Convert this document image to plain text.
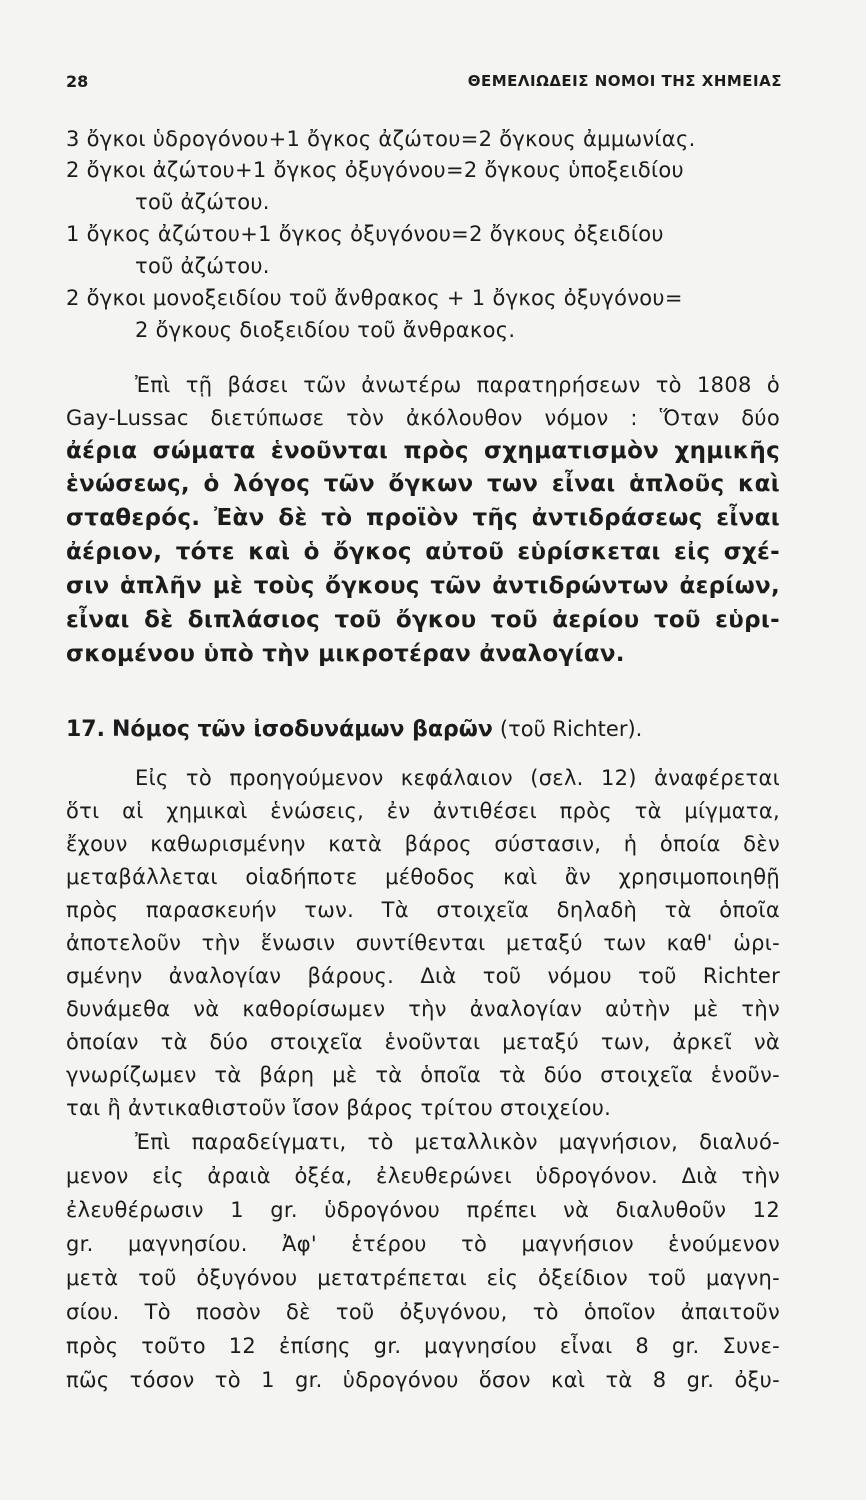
28	ΘΕΜΕΛΙΩΔΕΙΣ ΝΟΜΟΙ ΤΗΣ ΧΗΜΕΙΑΣ
3 ὄγκοι ὑδρογόνου+1 ὄγκος ἀζώτου=2 ὄγκους ἀμμωνίας.
2 ὄγκοι ἀζώτου+1 ὄγκος ὀξυγόνου=2 ὄγκους ὑποξειδίου
τοῦ ἀζώτου.
1 ὄγκος ἀζώτου+1 ὄγκος ὀξυγόνου=2 ὄγκους ὀξειδίου
τοῦ ἀζώτου.
2 ὄγκοι μονοξειδίου τοῦ ἄνθρακος + 1 ὄγκος ὀξυγόνου=
2 ὄγκους διοξειδίου τοῦ ἄνθρακος.
Ἐπὶ τῇ βάσει τῶν ἀνωτέρω παρατηρήσεων τὸ 1808 ὁ
Gay-Lussac διετύπωσε τὸν ἀκόλουθον νόμον : Ὅταν δύο
ἀέρια σώματα ἑνοῦνται πρὸς σχηματισμὸν χημικῆς
ἑνώσεως, ὁ λόγος τῶν ὄγκων των εἶναι ἁπλοῦς καὶ
σταθερός. Ἐὰν δὲ τὸ προϊὸν τῆς ἀντιδράσεως εἶναι
ἀέριον, τότε καὶ ὁ ὄγκος αὐτοῦ εὑρίσκεται εἰς σχέ-
σιν ἁπλῆν μὲ τοὺς ὄγκους τῶν ἀντιδρώντων ἀερίων,
εἶναι δὲ διπλάσιος τοῦ ὄγκου τοῦ ἀερίου τοῦ εὑρι-
σκομένου ὑπὸ τὴν μικροτέραν ἀναλογίαν.
17. Νόμος τῶν ἰσοδυνάμων βαρῶν (τοῦ Richter).
Εἰς τὸ προηγούμενον κεφάλαιον (σελ. 12) ἀναφέρεται
ὅτι αἱ χημικαὶ ἑνώσεις, ἐν ἀντιθέσει πρὸς τὰ μίγματα,
ἔχουν καθωρισμένην κατὰ βάρος σύστασιν, ἡ ὁποία δὲν
μεταβάλλεται οἱαδήποτε μέθοδος καὶ ἂν χρησιμοποιηθῇ
πρὸς παρασκευήν των. Τὰ στοιχεῖα δηλαδὴ τὰ ὁποῖα
ἀποτελοῦν τὴν ἕνωσιν συντίθενται μεταξύ των καθ' ὡρι-
σμένην ἀναλογίαν βάρους. Διὰ τοῦ νόμου τοῦ Richter
δυνάμεθα νὰ καθορίσωμεν τὴν ἀναλογίαν αὐτὴν μὲ τὴν
ὁποίαν τὰ δύο στοιχεῖα ἑνοῦνται μεταξύ των, ἀρκεῖ νὰ
γνωρίζωμεν τὰ βάρη μὲ τὰ ὁποῖα τὰ δύο στοιχεῖα ἑνοῦν-
ται ἢ ἀντικαθιστοῦν ἴσον βάρος τρίτου στοιχείου.
Ἐπὶ παραδείγματι, τὸ μεταλλικὸν μαγνήσιον, διαλυό-
μενον εἰς ἀραιὰ ὀξέα, ἐλευθερώνει ὑδρογόνον. Διὰ τὴν
ἐλευθέρωσιν 1 gr. ὑδρογόνου πρέπει νὰ διαλυθοῦν 12
gr. μαγνησίου. Ἀφ' ἑτέρου τὸ μαγνήσιον ἑνούμενον
μετὰ τοῦ ὀξυγόνου μετατρέπεται εἰς ὀξείδιον τοῦ μαγνη-
σίου. Τὸ ποσὸν δὲ τοῦ ὀξυγόνου, τὸ ὁποῖον ἀπαιτοῦν
πρὸς τοῦτο 12 ἐπίσης gr. μαγνησίου εἶναι 8 gr. Συνε-
πῶς τόσον τὸ 1 gr. ὑδρογόνου ὅσον καὶ τὰ 8 gr. ὀξυ-
